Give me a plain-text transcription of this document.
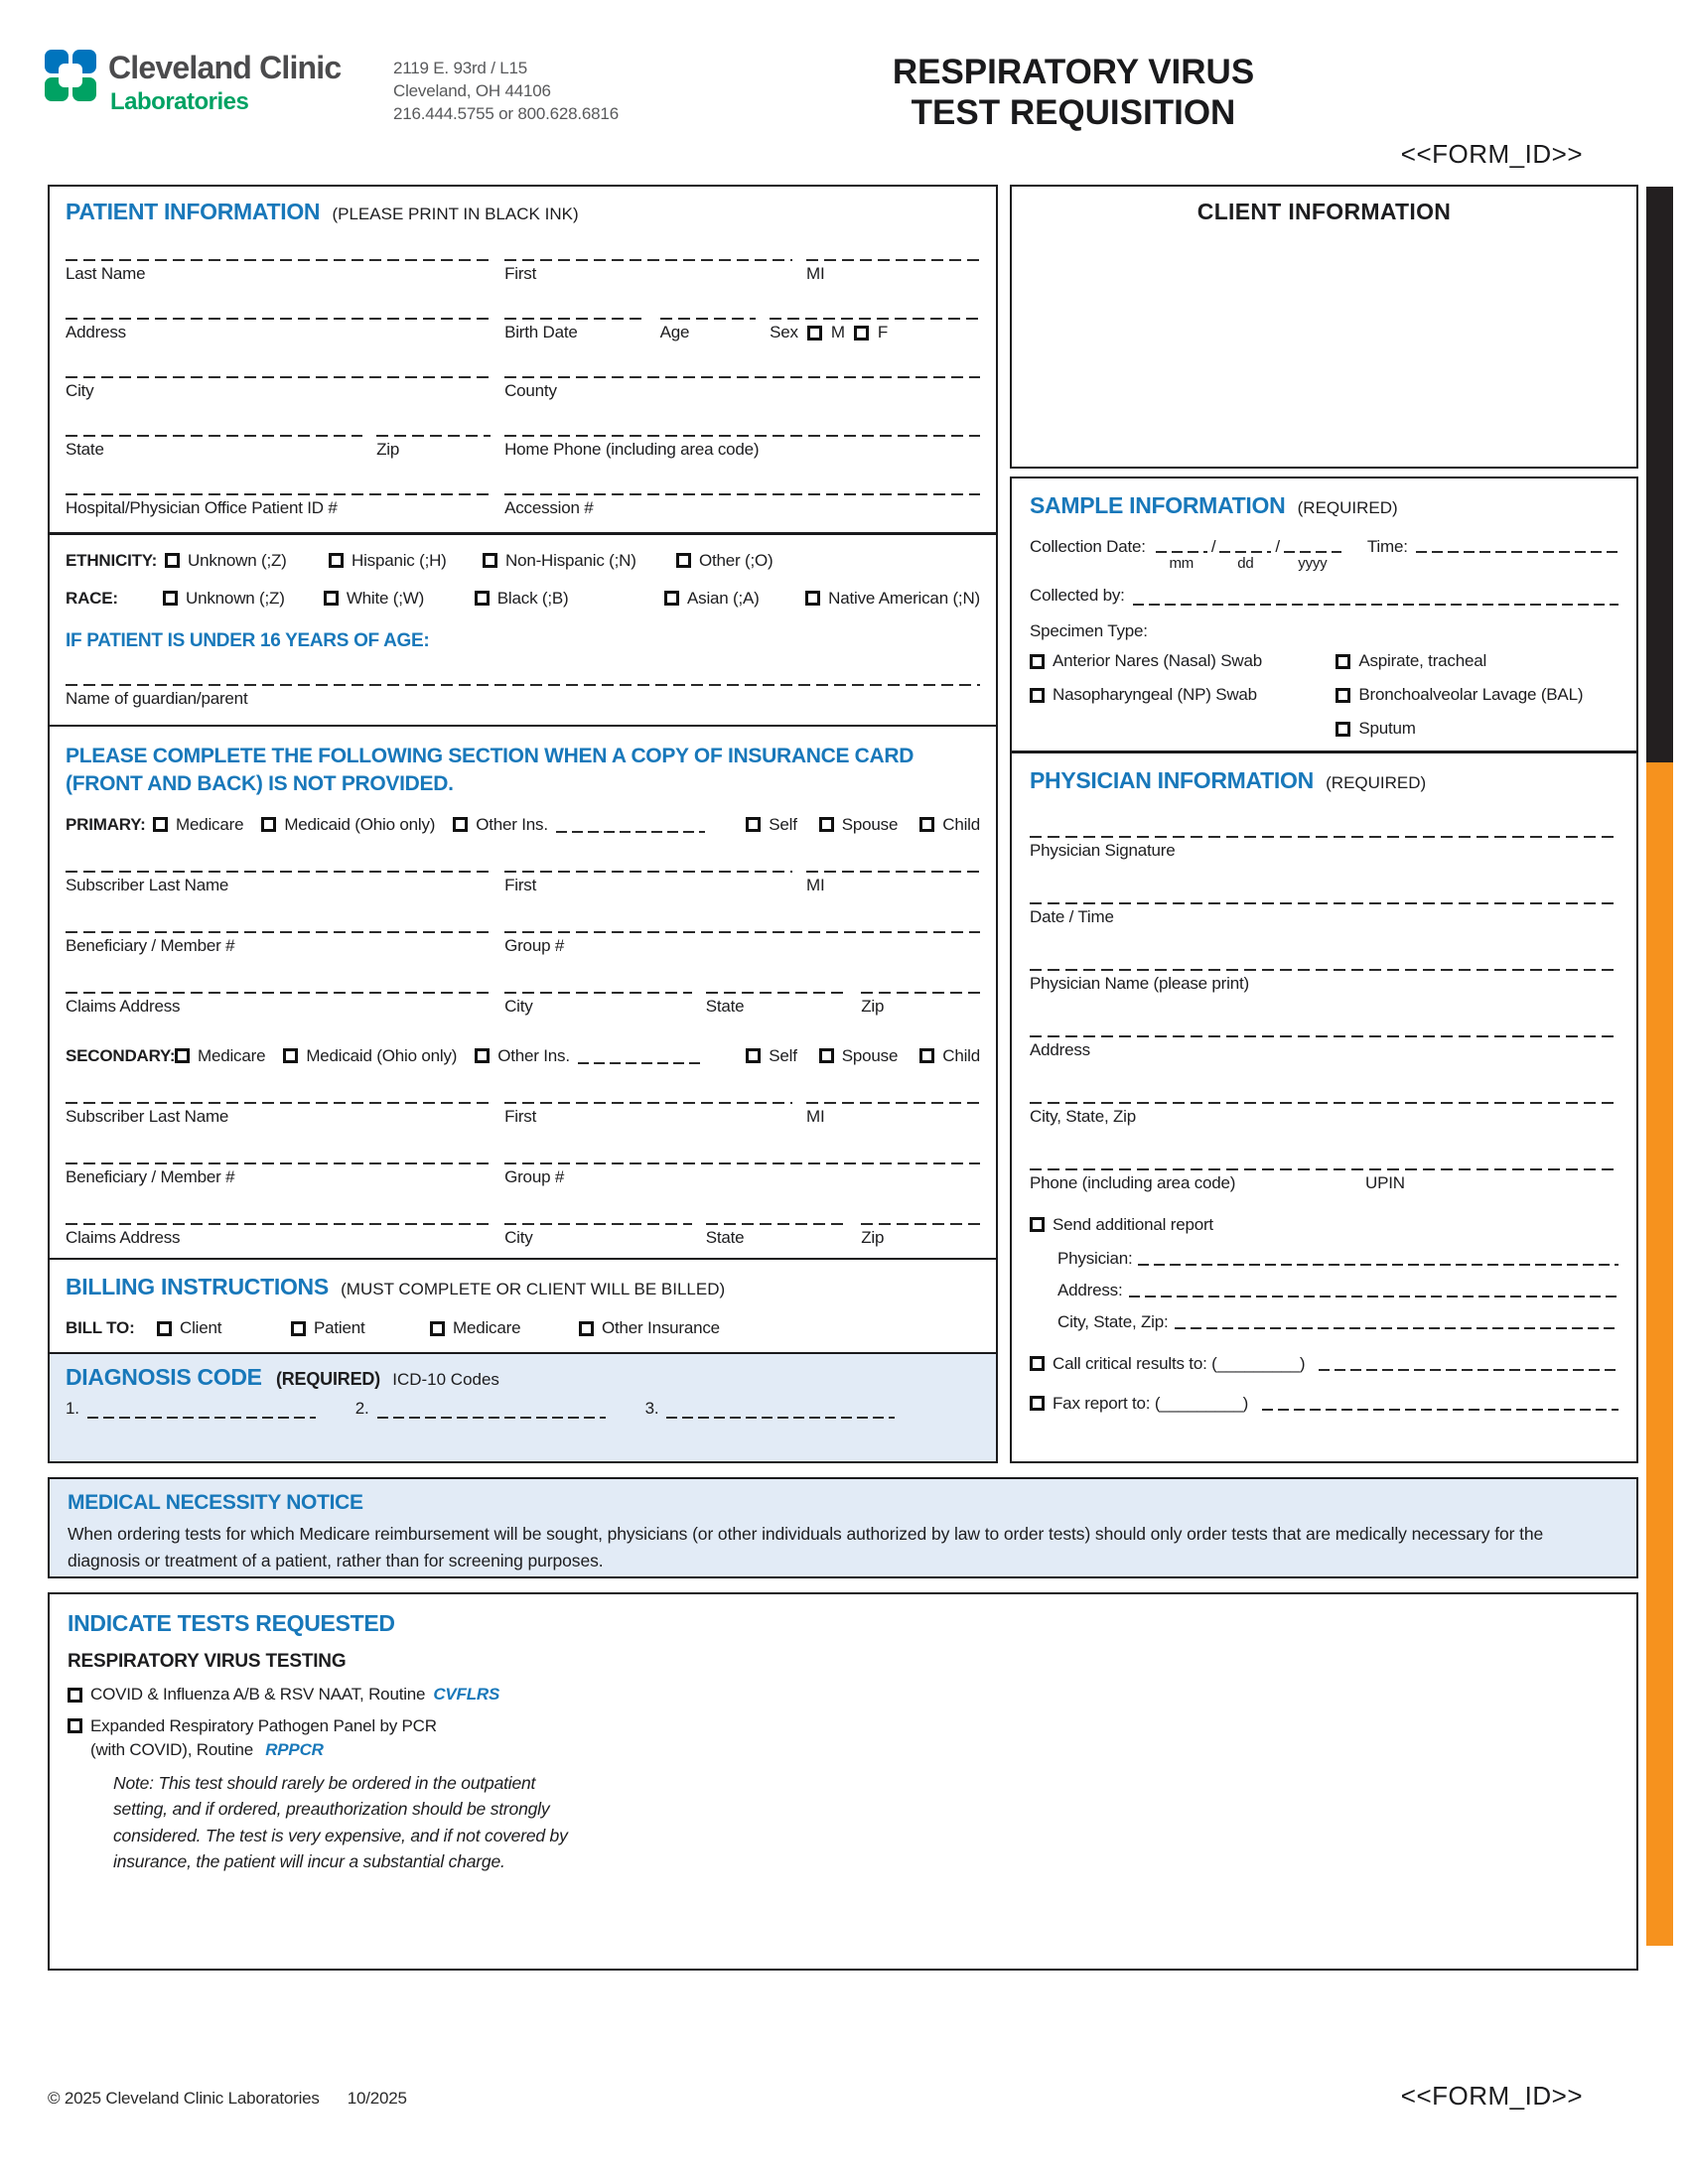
Cleveland Clinic
Laboratories
2119 E. 93rd / L15
Cleveland, OH 44106
216.444.5755 or 800.628.6816
RESPIRATORY VIRUS
TEST REQUISITION
<<FORM_ID>>
PATIENT INFORMATION (PLEASE PRINT IN BLACK INK)
Last Name	First	MI
Address	Birth Date	Age	Sex M F
City	County
State	Zip	Home Phone (including area code)
Hospital/Physician Office Patient ID #	Accession #
ETHNICITY:	Unknown (;Z)	Hispanic (;H)	Non-Hispanic (;N)	Other (;O)
RACE:	Unknown (;Z)	White (;W)	Black (;B)	Asian (;A)	Native American (;N)
IF PATIENT IS UNDER 16 YEARS OF AGE:
Name of guardian/parent
PLEASE COMPLETE THE FOLLOWING SECTION WHEN A COPY OF INSURANCE CARD (FRONT AND BACK) IS NOT PROVIDED.
PRIMARY:	Medicare Medicaid (Ohio only) Other Ins.	Self	Spouse	Child
Subscriber Last Name	First	MI
Beneficiary / Member #	Group #
Claims Address	City	State	Zip
SECONDARY: Medicare Medicaid (Ohio only) Other Ins.	Self	Spouse	Child
Subscriber Last Name	First	MI
Beneficiary / Member #	Group #
Claims Address	City	State	Zip
BILLING INSTRUCTIONS (MUST COMPLETE OR CLIENT WILL BE BILLED)
BILL TO:	Client	Patient	Medicare	Other Insurance
DIAGNOSIS CODE (REQUIRED) ICD-10 Codes
1.	2.	3.
CLIENT INFORMATION
SAMPLE INFORMATION (REQUIRED)
Collection Date:
mm
/
dd
/
yyyy
Time:
Collected by:
Specimen Type:
Anterior Nares (Nasal) Swab
Nasopharyngeal (NP) Swab
Aspirate, tracheal
Bronchoalveolar Lavage (BAL)
Sputum
PHYSICIAN INFORMATION (REQUIRED)
Physician Signature
Date / Time
Physician Name (please print)
Address
City, State, Zip
Phone (including area code)	UPIN
Send additional report
Physician:
Address:
City, State, Zip:
Call critical results to: (_________)
Fax report to: (_________)
MEDICAL NECESSITY NOTICE
When ordering tests for which Medicare reimbursement will be sought, physicians (or other individuals authorized by law to order tests) should only order tests that are medically necessary for the diagnosis or treatment of a patient, rather than for screening purposes.
INDICATE TESTS REQUESTED
RESPIRATORY VIRUS TESTING
COVID & Influenza A/B & RSV NAAT, Routine CVFLRS
Expanded Respiratory Pathogen Panel by PCR
(with COVID), Routine RPPCR
Note: This test should rarely be ordered in the outpatient setting, and if ordered, preauthorization should be strongly considered. The test is very expensive, and if not covered by insurance, the patient will incur a substantial charge.
© 2025 Cleveland Clinic Laboratories 10/2025	<<FORM_ID>>
